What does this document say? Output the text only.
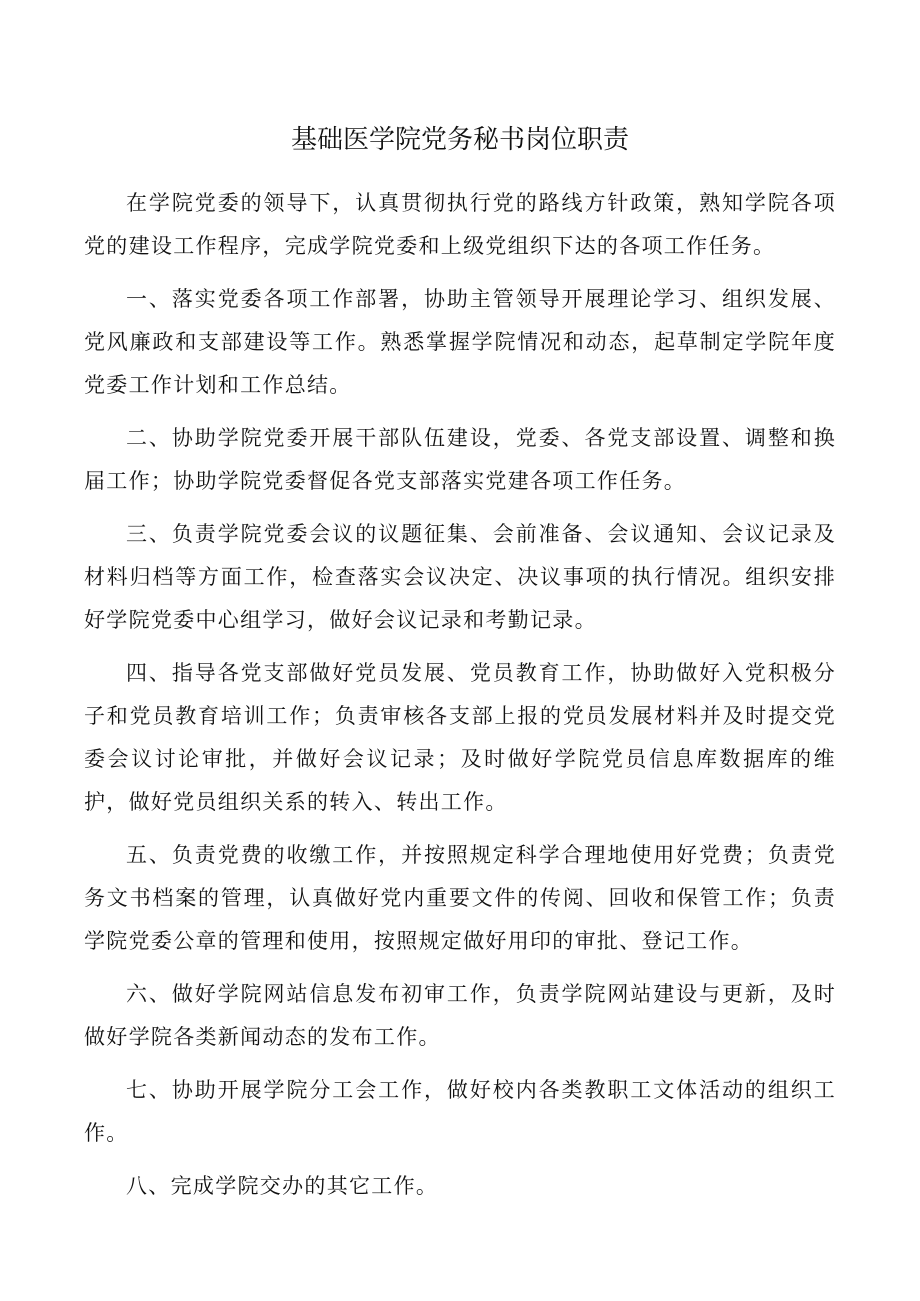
基础医学院党务秘书岗位职责

在学院党委的领导下，认真贯彻执行党的路线方针政策，熟知学院各项党的建设工作程序，完成学院党委和上级党组织下达的各项工作任务。

一、落实党委各项工作部署，协助主管领导开展理论学习、组织发展、党风廉政和支部建设等工作。熟悉掌握学院情况和动态，起草制定学院年度党委工作计划和工作总结。

二、协助学院党委开展干部队伍建设，党委、各党支部设置、调整和换届工作；协助学院党委督促各党支部落实党建各项工作任务。

三、负责学院党委会议的议题征集、会前准备、会议通知、会议记录及材料归档等方面工作，检查落实会议决定、决议事项的执行情况。组织安排好学院党委中心组学习，做好会议记录和考勤记录。

四、指导各党支部做好党员发展、党员教育工作，协助做好入党积极分子和党员教育培训工作；负责审核各支部上报的党员发展材料并及时提交党委会议讨论审批，并做好会议记录；及时做好学院党员信息库数据库的维护，做好党员组织关系的转入、转出工作。

五、负责党费的收缴工作，并按照规定科学合理地使用好党费；负责党务文书档案的管理，认真做好党内重要文件的传阅、回收和保管工作；负责学院党委公章的管理和使用，按照规定做好用印的审批、登记工作。

六、做好学院网站信息发布初审工作，负责学院网站建设与更新，及时做好学院各类新闻动态的发布工作。

七、协助开展学院分工会工作，做好校内各类教职工文体活动的组织工作。

八、完成学院交办的其它工作。
